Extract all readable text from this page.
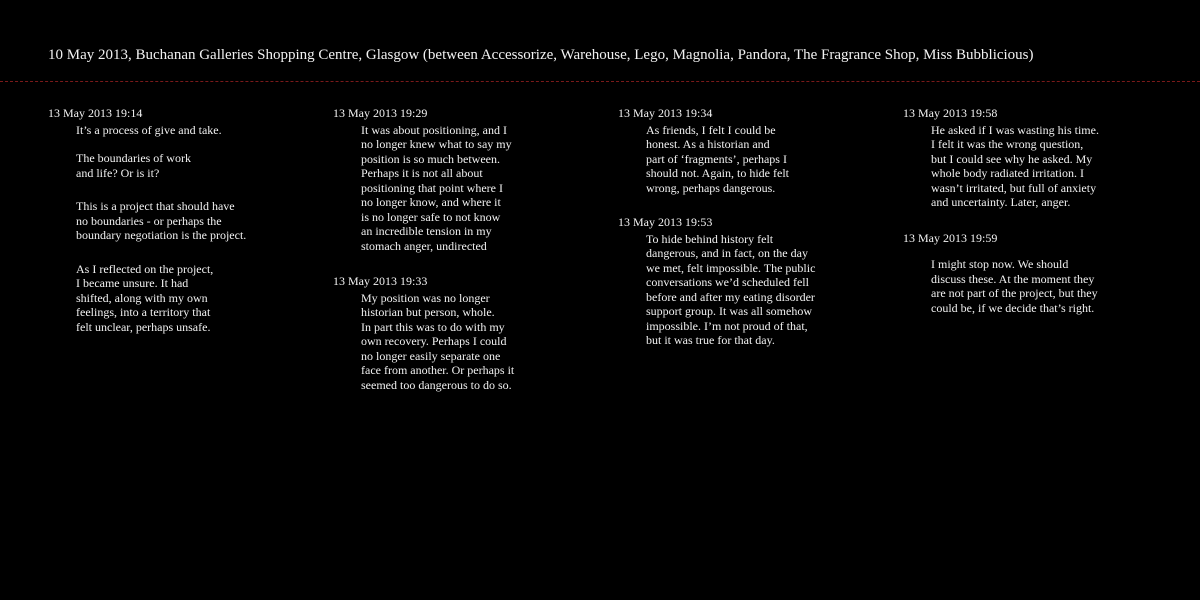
10 May 2013, Buchanan Galleries Shopping Centre, Glasgow (between Accessorize, Warehouse, Lego, Magnolia, Pandora, The Fragrance Shop, Miss Bubblicious)
13 May 2013 19:14
It’s a process of give and take.
The boundaries of work
and life? Or is it?
This is a project that should have
no boundaries - or perhaps the
boundary negotiation is the project.
As I reflected on the project,
I became unsure. It had
shifted, along with my own
feelings, into a territory that
felt unclear, perhaps unsafe.
13 May 2013 19:29
It was about positioning, and I
no longer knew what to say my
position is so much between.
Perhaps it is not all about
positioning that point where I
no longer know, and where it
is no longer safe to not know
an incredible tension in my
stomach anger, undirected
13 May 2013 19:33
My position was no longer
historian but person, whole.
In part this was to do with my
own recovery. Perhaps I could
no longer easily separate one
face from another. Or perhaps it
seemed too dangerous to do so.
13 May 2013 19:34
As friends, I felt I could be
honest. As a historian and
part of ‘fragments’, perhaps I
should not. Again, to hide felt
wrong, perhaps dangerous.
13 May 2013 19:53
To hide behind history felt
dangerous, and in fact, on the day
we met, felt impossible. The public
conversations we’d scheduled fell
before and after my eating disorder
support group. It was all somehow
impossible. I’m not proud of that,
but it was true for that day.
13 May 2013 19:58
He asked if I was wasting his time.
I felt it was the wrong question,
but I could see why he asked. My
whole body radiated irritation. I
wasn’t irritated, but full of anxiety
and uncertainty. Later, anger.
13 May 2013 19:59
I might stop now. We should
discuss these. At the moment they
are not part of the project, but they
could be, if we decide that’s right.
